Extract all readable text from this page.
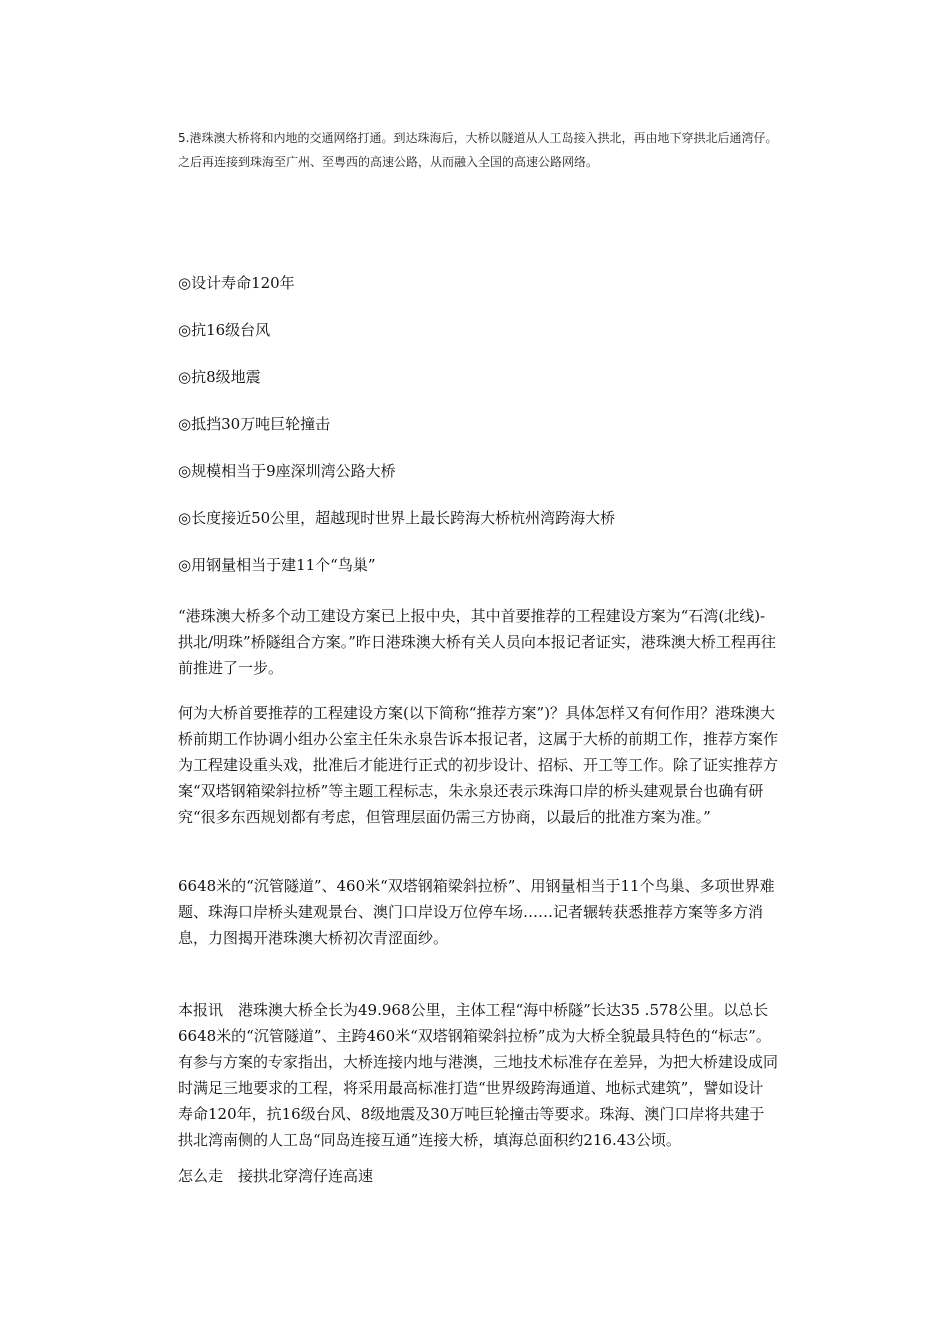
5.港珠澳大桥将和内地的交通网络打通。到达珠海后，大桥以隧道从人工岛接入拱北，再由地下穿拱北后通湾仔。之后再连接到珠海至广州、至粤西的高速公路，从而融入全国的高速公路网络。

◎设计寿命120年
◎抗16级台风
◎抗8级地震
◎抵挡30万吨巨轮撞击
◎规模相当于9座深圳湾公路大桥
◎长度接近50公里，超越现时世界上最长跨海大桥杭州湾跨海大桥
◎用钢量相当于建11个“鸟巢”

“港珠澳大桥多个动工建设方案已上报中央，其中首要推荐的工程建设方案为“石湾(北线)-拱北/明珠”桥隧组合方案。”昨日港珠澳大桥有关人员向本报记者证实，港珠澳大桥工程再往前推进了一步。

何为大桥首要推荐的工程建设方案(以下简称“推荐方案”)？具体怎样又有何作用？港珠澳大桥前期工作协调小组办公室主任朱永泉告诉本报记者，这属于大桥的前期工作，推荐方案作为工程建设重头戏，批准后才能进行正式的初步设计、招标、开工等工作。除了证实推荐方案“双塔钢箱梁斜拉桥”等主题工程标志，朱永泉还表示珠海口岸的桥头建观景台也确有研究“很多东西规划都有考虑，但管理层面仍需三方协商，以最后的批准方案为准。”

6648米的“沉管隧道”、460米“双塔钢箱梁斜拉桥”、用钢量相当于11个鸟巢、多项世界难题、珠海口岸桥头建观景台、澳门口岸设万位停车场……记者辗转获悉推荐方案等多方消息，力图揭开港珠澳大桥初次青涩面纱。

本报讯　港珠澳大桥全长为49.968公里，主体工程“海中桥隧”长达35 .578公里。以总长6648米的“沉管隧道”、主跨460米“双塔钢箱梁斜拉桥”成为大桥全貌最具特色的“标志”。有参与方案的专家指出，大桥连接内地与港澳，三地技术标准存在差异，为把大桥建设成同时满足三地要求的工程，将采用最高标准打造“世界级跨海通道、地标式建筑”，譬如设计寿命120年，抗16级台风、8级地震及30万吨巨轮撞击等要求。珠海、澳门口岸将共建于拱北湾南侧的人工岛“同岛连接互通”连接大桥，填海总面积约216.43公顷。

怎么走　接拱北穿湾仔连高速
